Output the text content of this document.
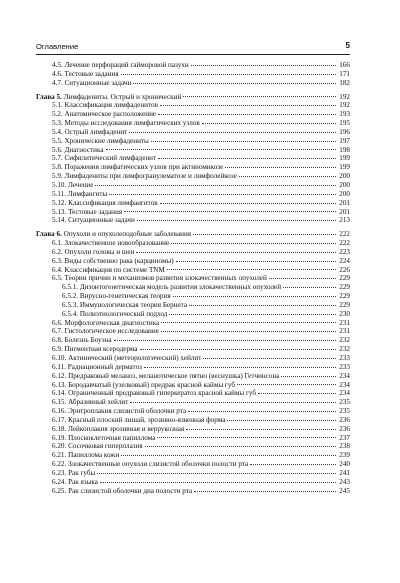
Оглавление	5
4.5. Лечение перфораций гайморовой пазухи	166
4.6. Тестовые задания	171
4.7. Ситуационные задачи	182
Глава 5. Лимфадениты. Острый и хронический	192
5.1. Классификация лимфаденитов	192
5.2. Анатомическое расположение	193
5.3. Методы исследования лимфатических узлов	195
5.4. Острый лимфаденит	196
5.5. Хронические лимфадениты	197
5.6. Диагностика	198
5.7. Сифилитический лимфаденит	199
5.8. Поражения лимфатических узлов при актиномикозе	199
5.9. Лимфадениты при лимфогранулематозе и лимфолейкозе	200
5.10. Лечение	200
5.11. Лимфангиты	200
5.12. Классификация лимфангитов	201
5.13. Тестовые задания	201
5.14. Ситуационные задачи	213
Глава 6. Опухоли и опухолеподобные заболевания	222
6.1. Злокачественное новообразование	222
6.2. Опухоли головы и шеи	223
6.3. Виды собственно рака (карциномы)	224
6.4. Классификация по системе TNM	226
6.5. Теории причин и механизмов развития злокачественных опухолей	229
6.5.1. Дизонтогенетическая модель развития злокачественных опухолей	229
6.5.2. Вирусно-генетическая теория	229
6.5.3. Иммунологическая теория Бернета	229
6.5.4. Полиэтиологический подход	230
6.6. Морфологическая диагностика	231
6.7. Гистологическое исследование	231
6.8. Болезнь Боуэна	232
6.9. Пигментная ксеродерма	232
6.10. Актинический (метеорологический) хейлит	233
6.11. Радиационный дерматоз	233
6.12. Предраковый меланоз, меланотическое пятно (веснушка) Гетчинсона	234
6.13. Бородавчатый (узелковый) предрак красной каймы губ	234
6.14. Ограниченный предраковый гиперкератоз красной каймы губ	234
6.15. Абразивный хейлит	235
6.16. Эритроплакия слизистой оболочки рта	235
6.17. Красный плоский лишай, эрозивно-язвенная форма	236
6.18. Лейкоплакия эрозивная и веррукозная	236
6.19. Плоскоклеточная папиллома	237
6.20. Сосочковая гиперплазия	238
6.21. Папиллома кожи	239
6.22. Злокачественные опухоли слизистой оболочки полости рта	240
6.23. Рак губы	241
6.24. Рак языка	243
6.25. Рак слизистой оболочки дна полости рта	245
